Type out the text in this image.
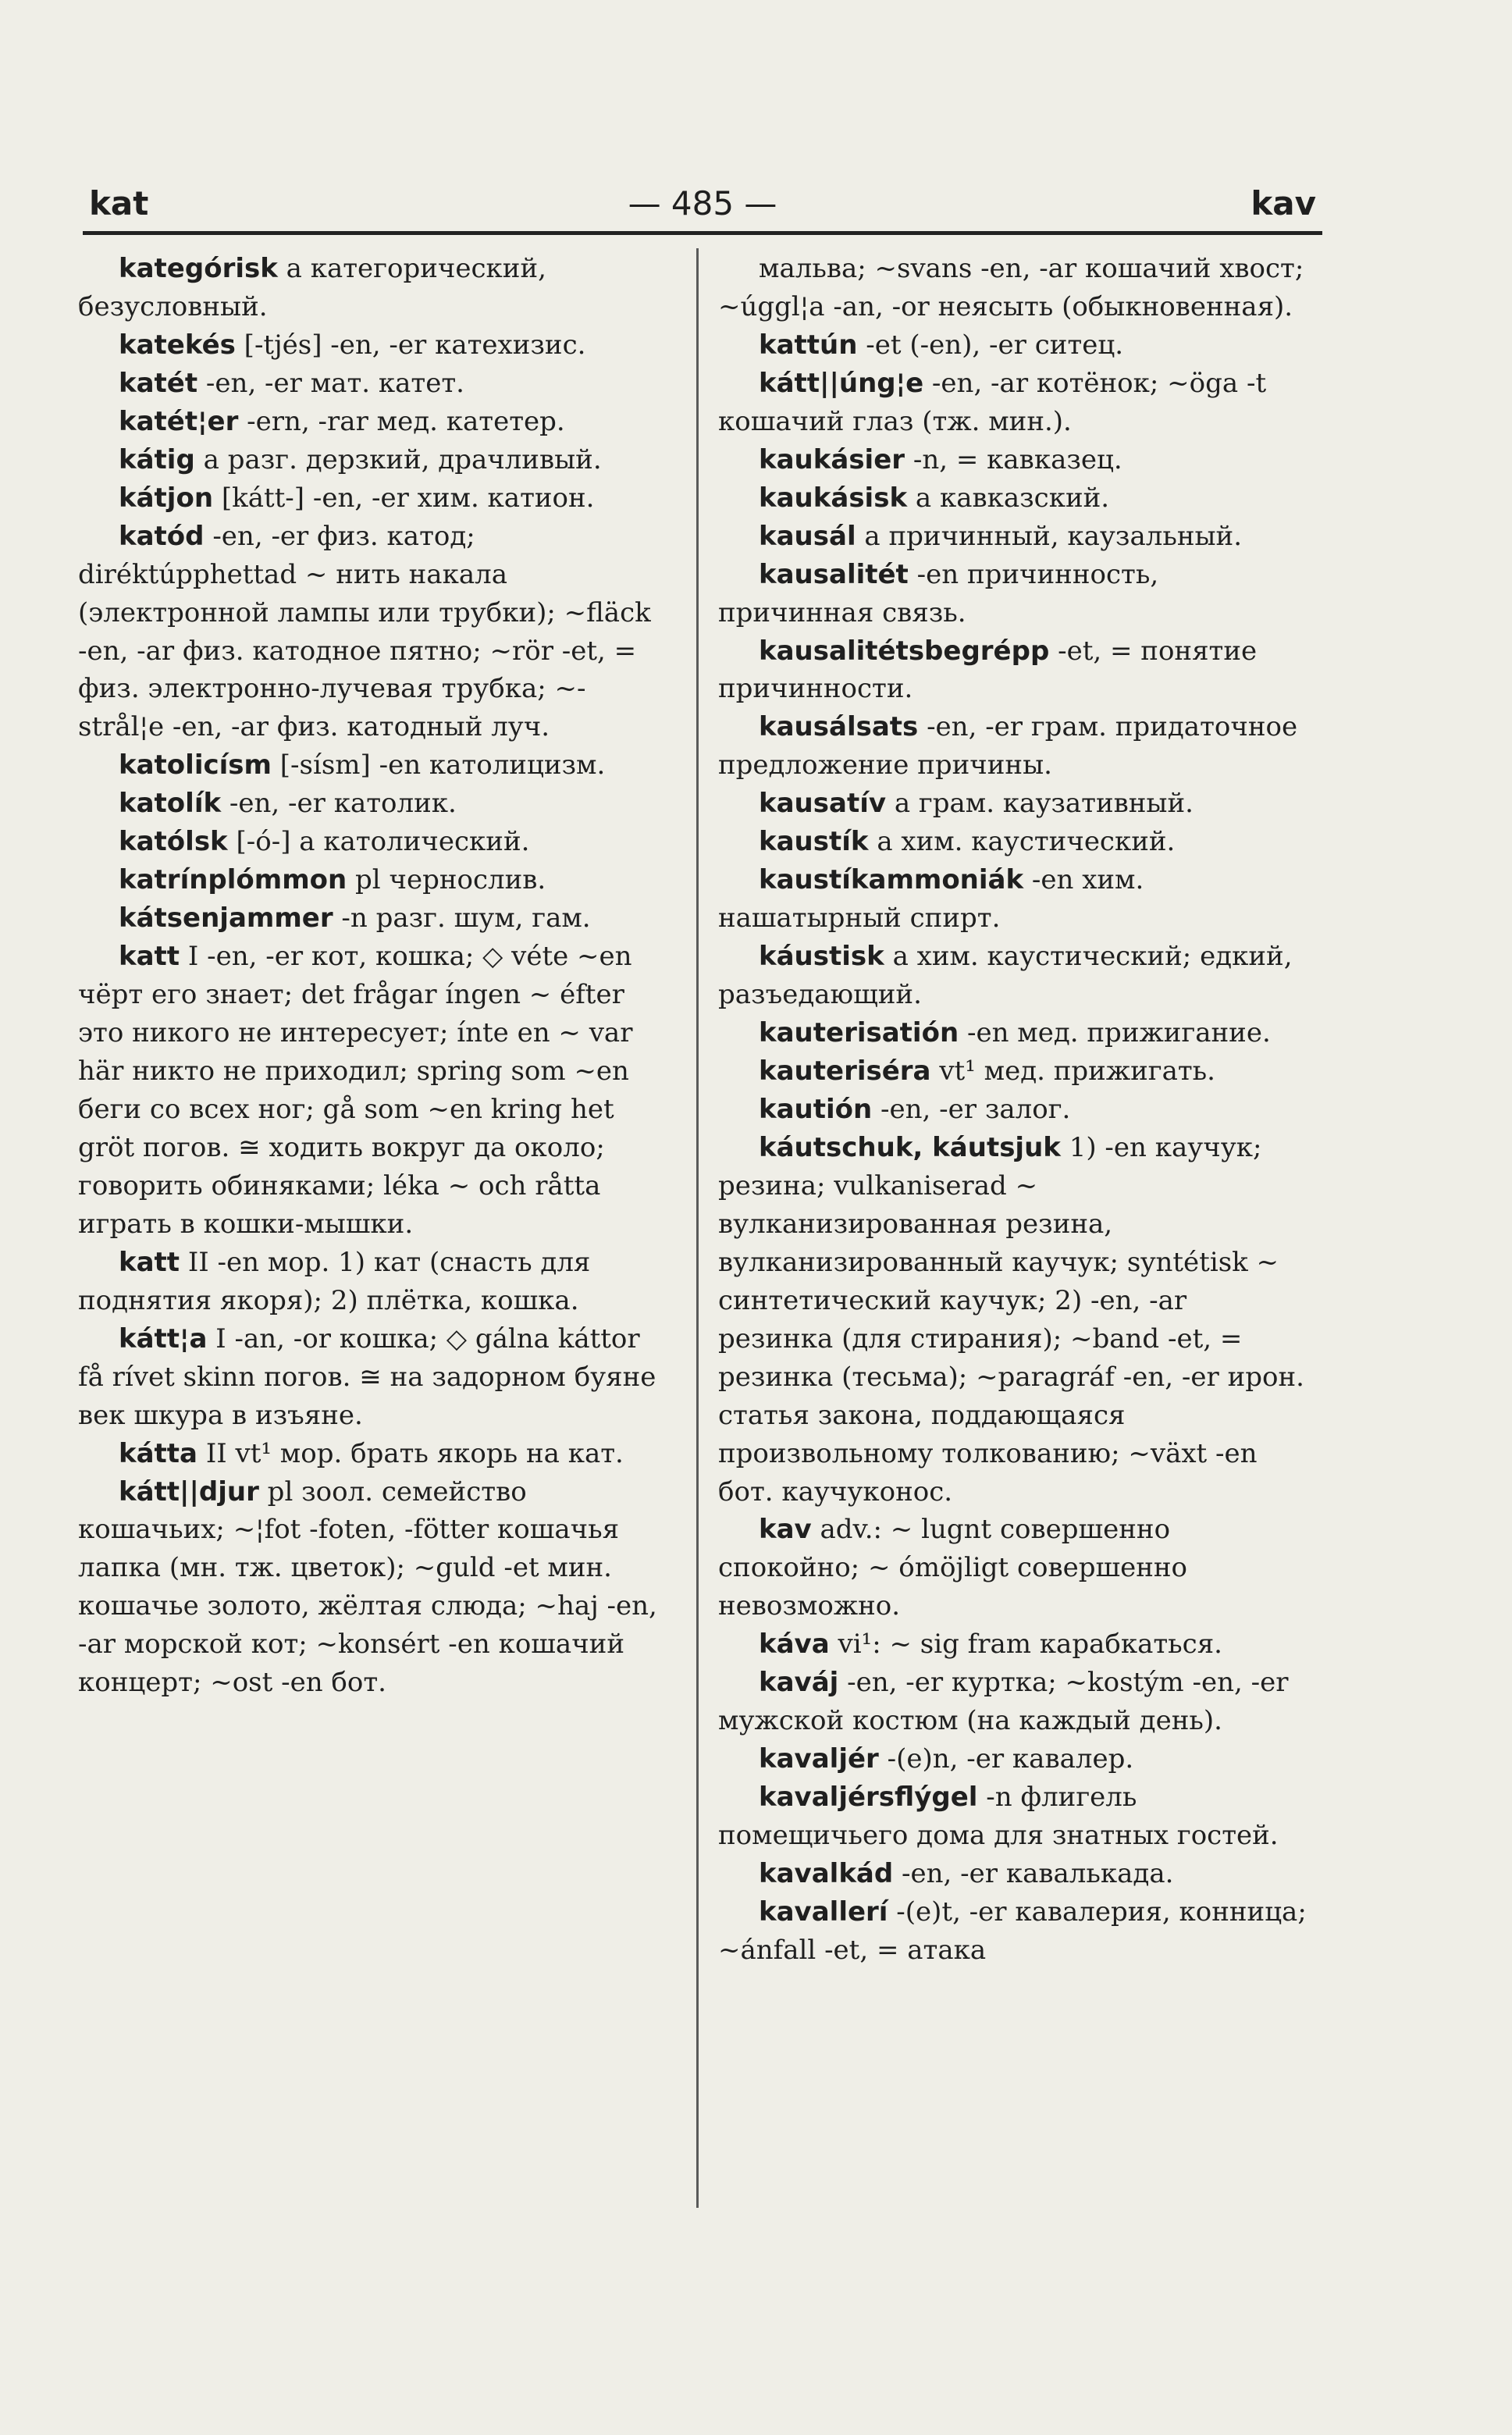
kat	— 485 —	kav
kategórisk a категорический, безусловный.
katekés [-tjés] -en, -er катехизис.
katét -en, -er мат. катет.
katét¦er -ern, -rar мед. катетер.
kátig a разг. дерзкий, драчливый.
kátjon [kátt-] -en, -er хим. катион.
katód -en, -er физ. катод; diréktúpphettad ~ нить накала (электронной лампы или трубки); ~fläck -en, -ar физ. катодное пятно; ~rör -et, = физ. электронно-лучевая трубка; ~-strål¦e -en, -ar физ. катодный луч.
katolicísm [-sísm] -en католицизм.
katolík -en, -er католик.
katólsk [-ó-] a католический.
katrínplómmon pl чернослив.
kátsenjammer -n разг. шум, гам.
katt I -en, -er кот, кошка; ◇ véte ~en чёрт его знает; det frågar íngen ~ éfter это никого не интересует; ínte en ~ var här никто не приходил; spring som ~en беги со всех ног; gå som ~en kring het gröt погов. ≅ ходить вокруг да около; говорить обиняками; léka ~ och råtta играть в кошки-мышки.
katt II -en мор. 1) кат (снасть для поднятия якоря); 2) плётка, кошка.
kátt¦a I -an, -or кошка; ◇ gálna káttor få rívet skinn погов. ≅ на задорном буяне век шкура в изъяне.
kátta II vt¹ мор. брать якорь на кат.
kátt||djur pl зоол. семейство кошачьих; ~¦fot -foten, -fötter кошачья лапка (мн. тж. цветок); ~guld -et мин. кошачье золото, жёлтая слюда; ~haj -en, -ar морской кот; ~konsért -en кошачий концерт; ~ost -en бот.
мальва; ~svans -en, -ar кошачий хвост; ~úggl¦a -an, -or неясыть (обыкновенная).
kattún -et (-en), -er ситец.
kátt||úng¦e -en, -ar котёнок; ~öga -t кошачий глаз (тж. мин.).
kaukásier -n, = кавказец.
kaukásisk a кавказский.
kausál a причинный, каузальный.
kausalitét -en причинность, причинная связь.
kausalitétsbegrépp -et, = понятие причинности.
kausálsats -en, -er грам. придаточное предложение причины.
kausatív a грам. каузативный.
kaustík a хим. каустический.
kaustíkammoniák -en хим. нашатырный спирт.
káustisk a хим. каустический; едкий, разъедающий.
kauterisatión -en мед. прижигание.
kauteriséra vt¹ мед. прижигать.
kautión -en, -er залог.
káutschuk, káutsjuk 1) -en каучук; резина; vulkaniserad ~ вулканизированная резина, вулканизированный каучук; syntétisk ~ синтетический каучук; 2) -en, -ar резинка (для стирания); ~band -et, = резинка (тесьма); ~paragráf -en, -er ирон. статья закона, поддающаяся произвольному толкованию; ~växt -en бот. каучуконос.
kav adv.: ~ lugnt совершенно спокойно; ~ ómöjligt совершенно невозможно.
káva vi¹: ~ sig fram карабкаться.
kaváj -en, -er куртка; ~kostým -en, -er мужской костюм (на каждый день).
kavaljér -(e)n, -er кавалер.
kavaljérsflýgel -n флигель помещичьего дома для знатных гостей.
kavalkád -en, -er кавалькада.
kavallerí -(e)t, -er кавалерия, конница; ~ánfall -et, = атака
